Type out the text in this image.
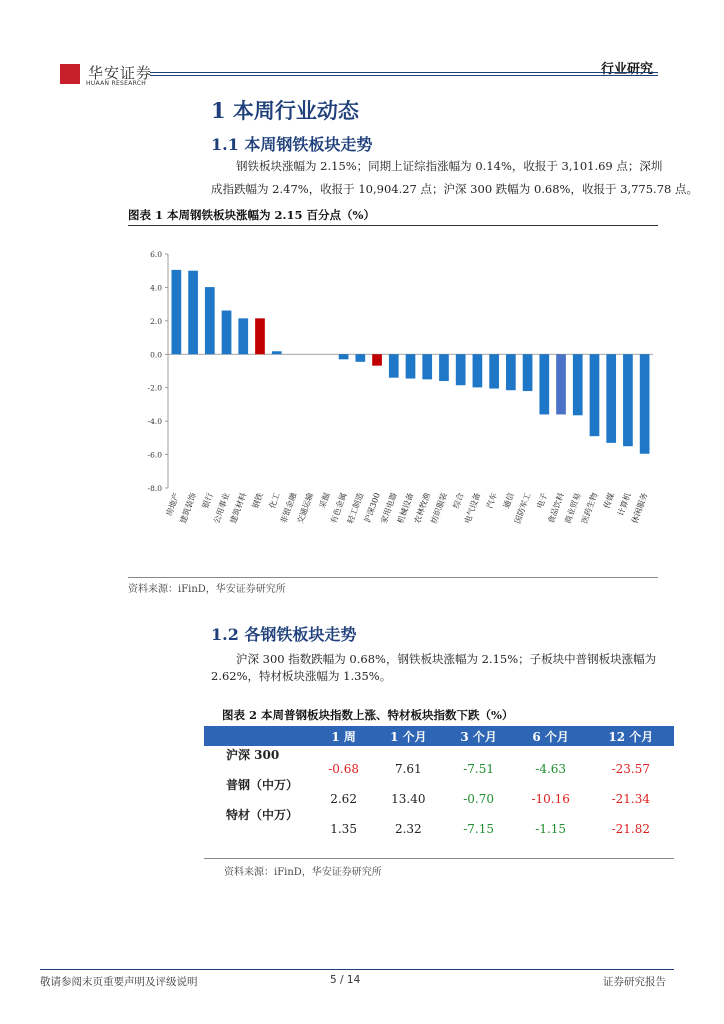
华安证券
HUAAN RESEARCH
行业研究
1 本周行业动态
1.1 本周钢铁板块走势
钢铁板块涨幅为 2.15%；同期上证综指涨幅为 0.14%，收报于 3,101.69 点；深圳
成指跌幅为 2.47%，收报于 10,904.27 点；沪深 300 跌幅为 0.68%，收报于 3,775.78 点。
图表 1 本周钢铁板块涨幅为 2.15 百分点（%）
6.0
4.0
2.0
0.0
-2.0
-4.0
-6.0
-8.0
房地产
建筑装饰 银行
公用事业
建筑材料 钢铁 化工
非银金融
交通运输 采掘
有色金属
轻工制造
沪深300
家用电器
机械设备
农林牧渔
纺织服装 综合
电气设备 汽车 通信
国防军工 电子
食品饮料
商业贸易
医药生物 传媒 计算机
休闲服务
资料来源：iFinD，华安证券研究所
1.2 各钢铁板块走势
沪深 300 指数跌幅为 0.68%，钢铁板块涨幅为 2.15%；子板块中普钢板块涨幅为
2.62%，特材板块涨幅为 1.35%。
图表 2 本周普钢板块指数上涨、特材板块指数下跌（%）
	1 周	1 个月	3 个月	6 个月	12 个月
沪深 300	-0.68	7.61	-7.51	-4.63	-23.57
普钢（中万）	2.62	13.40	-0.70	-10.16	-21.34
特材（中万）	1.35	2.32	-7.15	-1.15	-21.82
资料来源：iFinD，华安证券研究所
敬请参阅末页重要声明及评级说明	5 / 14	证券研究报告
